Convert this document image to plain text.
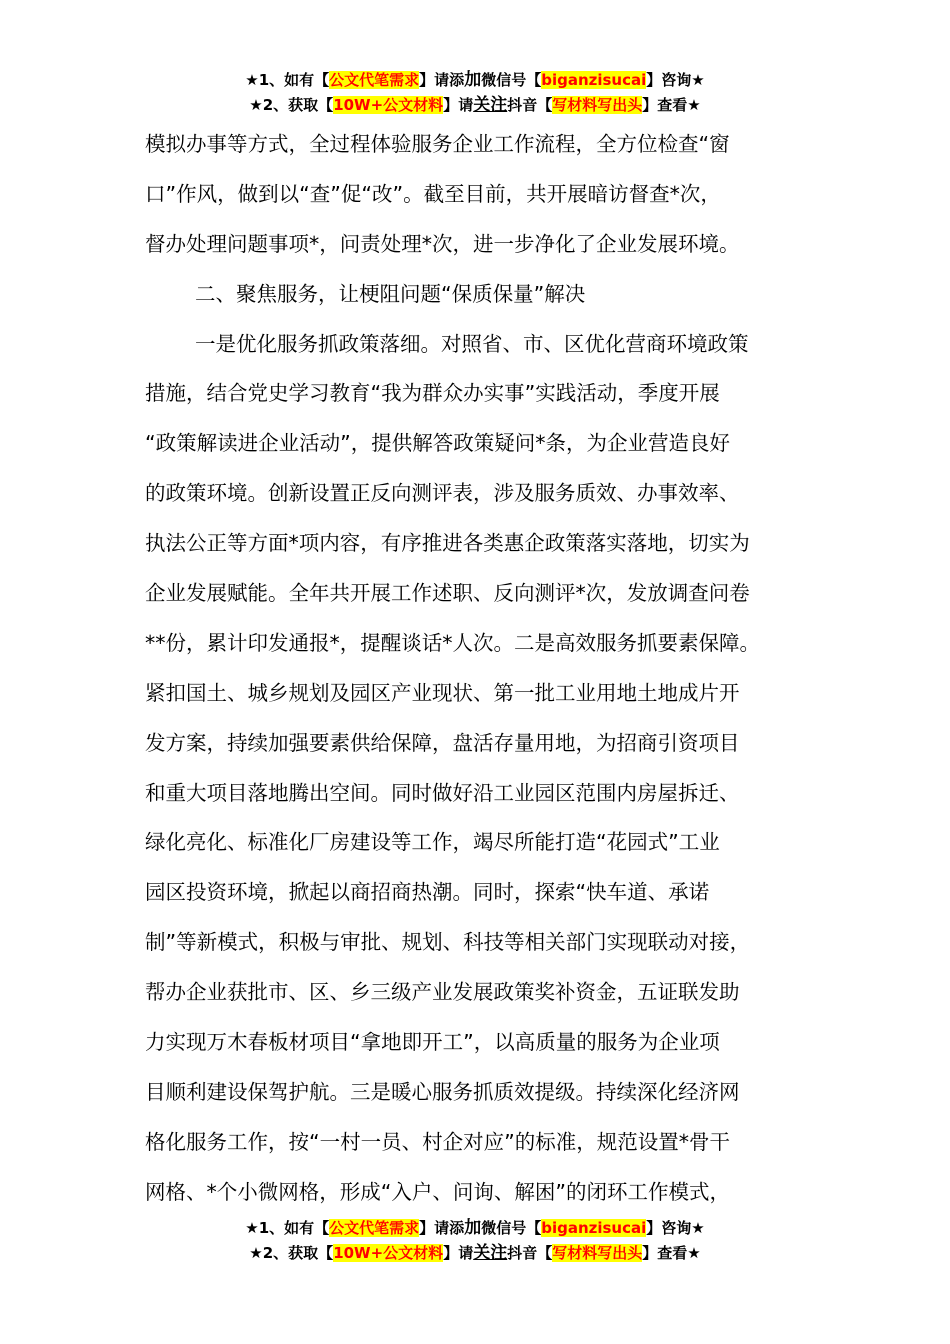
★1、如有【公文代笔需求】请添加微信号【biganzisucai】咨询★
★2、获取【10W+公文材料】请关注抖音【写材料写出头】查看★
模拟办事等方式，全过程体验服务企业工作流程，全方位检查“窗
口”作风，做到以“查”促“改”。截至目前，共开展暗访督查*次，
督办处理问题事项*，问责处理*次，进一步净化了企业发展环境。
二、聚焦服务，让梗阻问题“保质保量”解决
一是优化服务抓政策落细。对照省、市、区优化营商环境政策
措施，结合党史学习教育“我为群众办实事”实践活动，季度开展
“政策解读进企业活动”，提供解答政策疑问*条，为企业营造良好
的政策环境。创新设置正反向测评表，涉及服务质效、办事效率、
执法公正等方面*项内容，有序推进各类惠企政策落实落地，切实为
企业发展赋能。全年共开展工作述职、反向测评*次，发放调查问卷
**份，累计印发通报*，提醒谈话*人次。二是高效服务抓要素保障。
紧扣国土、城乡规划及园区产业现状、第一批工业用地土地成片开
发方案，持续加强要素供给保障，盘活存量用地，为招商引资项目
和重大项目落地腾出空间。同时做好沿工业园区范围内房屋拆迁、
绿化亮化、标准化厂房建设等工作，竭尽所能打造“花园式”工业
园区投资环境，掀起以商招商热潮。同时，探索“快车道、承诺
制”等新模式，积极与审批、规划、科技等相关部门实现联动对接，
帮办企业获批市、区、乡三级产业发展政策奖补资金，五证联发助
力实现万木春板材项目“拿地即开工”，以高质量的服务为企业项
目顺利建设保驾护航。三是暖心服务抓质效提级。持续深化经济网
格化服务工作，按“一村一员、村企对应”的标准，规范设置*骨干
网格、*个小微网格，形成“入户、问询、解困”的闭环工作模式，
★1、如有【公文代笔需求】请添加微信号【biganzisucai】咨询★
★2、获取【10W+公文材料】请关注抖音【写材料写出头】查看★
